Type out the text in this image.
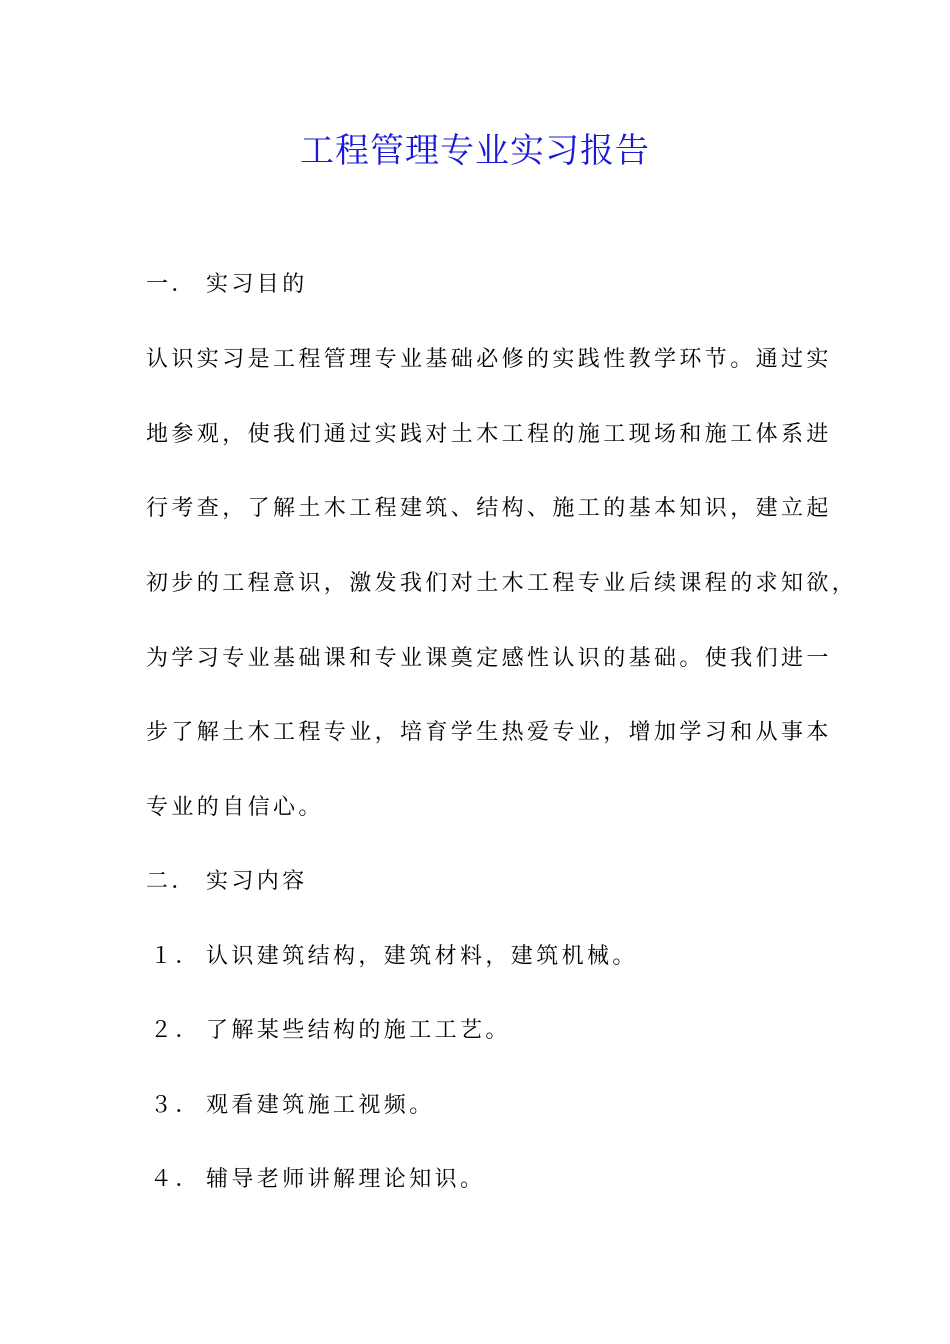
工程管理专业实习报告
一． 实习目的
认识实习是工程管理专业基础必修的实践性教学环节。通过实
地参观，使我们通过实践对土木工程的施工现场和施工体系进
行考查，了解土木工程建筑、结构、施工的基本知识，建立起
初步的工程意识，激发我们对土木工程专业后续课程的求知欲，
为学习专业基础课和专业课奠定感性认识的基础。使我们进一
步了解土木工程专业，培育学生热爱专业，增加学习和从事本
专业的自信心。
二． 实习内容
１． 认识建筑结构，建筑材料，建筑机械。
２． 了解某些结构的施工工艺。
３． 观看建筑施工视频。
４． 辅导老师讲解理论知识。
